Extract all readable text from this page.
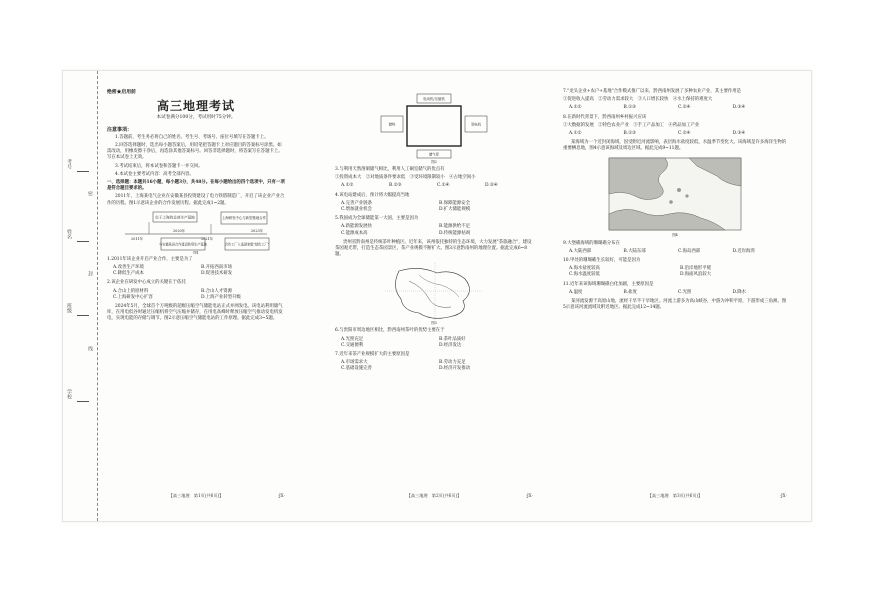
考号
姓名
班级
学校
密
封
线
绝密★启用前
高三地理考试
本试卷满分100分，考试用时75分钟。
注意事项：

1.答题前，考生务必将自己的姓名、考生号、考场号、座位号填写在答题卡上。

2.回答选择题时，选出每小题答案后，用铅笔把答题卡上对应题目的答案标号涂黑。如需改动，用橡皮擦干净后，再选涂其他答案标号。回答非选择题时，将答案写在答题卡上。写在本试卷上无效。

3.考试结束后，将本试卷和答题卡一并交回。

4.本试卷主要考试内容：高考全部内容。

一、选择题：本题共16小题，每小题3分，共48分。在每小题给出的四个选项中，只有一项是符合题目要求的。

2011年，上海某电气企业在安徽某县投资建设了电力铁塔制造厂，开启了该企业产业合作的历程。图1示意该企业的合作发展历程。据此完成1~2题。

位于上海的总部生产基地	上海研发中心与新型基地合作
2011年
2020年
2021年
2023年
与安徽某县合作建设铁塔生产基地	合作工厂入选国家级"绿色工厂"
图1

1.2011年该企业开启产业合作，主要是为了

A.改善生产环境	B.开拓西南市场
C.降低生产成本	D.促进技术研发

2.该企业在研发中心成立的关键在于依托

A.合山上的原材料	B.合山人才资源
C.上海研发中心扩容	D.上海产业转型升级

2024年5月，全球首个万吨级的超级压缩空气储能电站正式并网发电。该电站利用储气库，在用电低谷时通过压缩机将空气压缩并储存，在用电高峰时释放压缩空气推动发电机发电，实现电能的存储与调节。图2示意压缩空气储能电站的工作原理。据此完成3~5题。

【高三地理　第1页(共6页)】	·JX·
电动机/压缩机
储热	发电机
储气库
图2

3.与利用天然溶洞储气相比，利用人工硐室储气的优点有

①投资成本大　②对地质条件要求低　③受环境限制较小　④占地空间小

A.①②	B.②③	C.①④	D.③④

4.该电站建成后，预计将大幅提高当地

A.完善产业链条	B.保障能源安全
C.增加就业机会	D.扩大储能规模

5.我国成为全球储能第一大国，主要是因为

A.新能源发展快	B.能源供给不足
C.能源成本高	D.传统能源枯竭

贵州省黔南州是传统茶叶种植区。近年来，该州依托独特的生态环境，大力发展"茶旅融合"，建设茶园观光带，打造生态茶园景区，茶产业规模不断扩大。图3示意黔南州的地理位置。据此完成6~8题。

图3

6.与贵阳市周边地区相比，黔西南州茶叶的优势主要在于

A.光照充足	B.茶叶品质好
C.交通便利	D.经济发达

7.近年来茶产业规模扩大的主要原因是

A.市场需求大	B.劳动力充足
C.基础设施完善	D.经济开发推动
【高三地理　第2页(共6页)】	·JX·

7."龙头企业+农户+基地"合作模式推广以来，黔西南州发展了多种农业产业，其主要作用是

①促进收入提高　②劳动力需求较大　③人口增长较快　④水土保持的难度大

A.①②	B.①③	C.②④	D.③④

8.在新时代背景下，黔西南州乡村振兴应该

①大数据的发展　②特色农业产业　③手工产品加工　④药品加工产业

A.①②	B.①③	C.②④	D.③④

某海域为一个近封闭海域，因受附近河流影响，表层海水盐度较低，水温季节变化大。该海域是许多海洋生物的重要栖息地，图4示意该海域及周边区域。据此完成9~11题。

图4

9.大堡礁海域的珊瑚礁分布在

A.大陆西部	B.大陆东部	C.海岛西部	D.近岸海湾

10.甲处的珊瑚礁生长较好，可能是因为

A.海水盐度较高	B.沿岸地形平缓
C.海水温度较低	D.海面风浪较大

11.近年来该海域珊瑚礁白化加剧，主要原因是

A.温度	B.盐度	C.光照	D.降水

某河流发源于高原山地，流经干旱半干旱地区。河流上游多为高山峡谷，中游为冲积平原，下游形成三角洲。图5示意该河流流域及附近地区。据此完成12~14题。

【高三地理　第3页(共6页)】	·JX·
